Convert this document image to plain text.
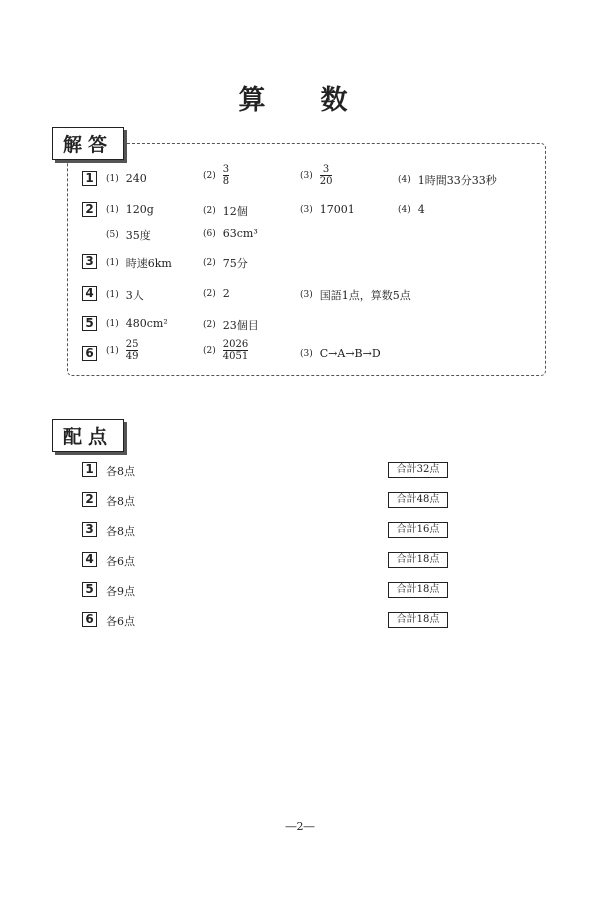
算　数
解答
1	(1) 240	$(2) \frac{3}{8}$	$(3) \frac{3}{20}$	(4) 1時間33分33秒
2	(1) 120g	(2) 12個	(3) 17001	(4) 4
(5) 35度	(6) 63cm³
3	(1) 時速6km	(2) 75分
4	(1) 3人	(2) 2	(3) 国語1点，算数5点
5	(1) 480cm²	(2) 23個目
6	$(1) \frac{25}{49}$	$(2) \frac{2026}{4051}$	(3) C→A→B→D
配点
1	各8点	合計32点
2	各8点	合計48点
3	各8点	合計16点
4	各6点	合計18点
5	各9点	合計18点
6	各6点	合計18点
―2―
